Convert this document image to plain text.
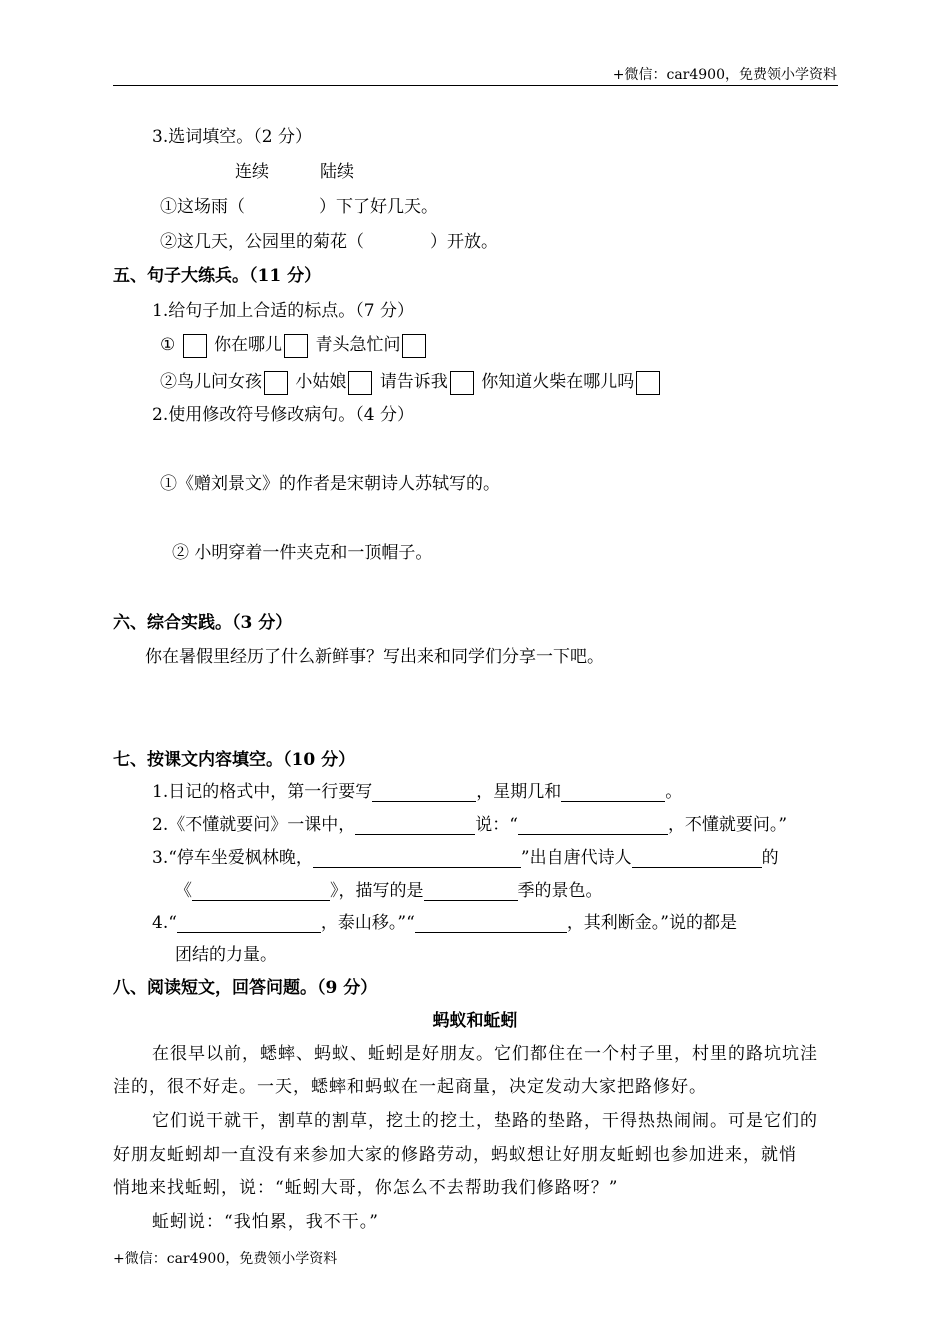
+微信：car4900，免费领小学资料
3.选词填空。（2 分）
连续	陆续
①这场雨（	）下了好几天。
②这几天，公园里的菊花（	）开放。
五、句子大练兵。（11 分）
1.给句子加上合适的标点。（7 分）
① 你在哪儿 青头急忙问
②鸟儿问女孩 小姑娘 请告诉我 你知道火柴在哪儿吗
2.使用修改符号修改病句。（4 分）
①《赠刘景文》的作者是宋朝诗人苏轼写的。
② 小明穿着一件夹克和一顶帽子。
六、综合实践。（3 分）
你在暑假里经历了什么新鲜事？写出来和同学们分享一下吧。
七、按课文内容填空。（10 分）
1.日记的格式中，第一行要写	，星期几和	。
2.《不懂就要问》一课中，	说：“	，不懂就要问。”
3.“停车坐爱枫林晚，	”出自唐代诗人	的
《	》，描写的是	季的景色。
4.“	，泰山移。”“	，其利断金。”说的都是
团结的力量。
八、阅读短文，回答问题。（9 分）
蚂蚁和蚯蚓
在很早以前，蟋蟀、蚂蚁、蚯蚓是好朋友。它们都住在一个村子里，村里的路坑坑洼
洼的，很不好走。一天，蟋蟀和蚂蚁在一起商量，决定发动大家把路修好。
它们说干就干，割草的割草，挖土的挖土，垫路的垫路，干得热热闹闹。可是它们的
好朋友蚯蚓却一直没有来参加大家的修路劳动，蚂蚁想让好朋友蚯蚓也参加进来，就悄
悄地来找蚯蚓，说：“蚯蚓大哥，你怎么不去帮助我们修路呀？”
蚯蚓说：“我怕累，我不干。”
+微信：car4900，免费领小学资料
